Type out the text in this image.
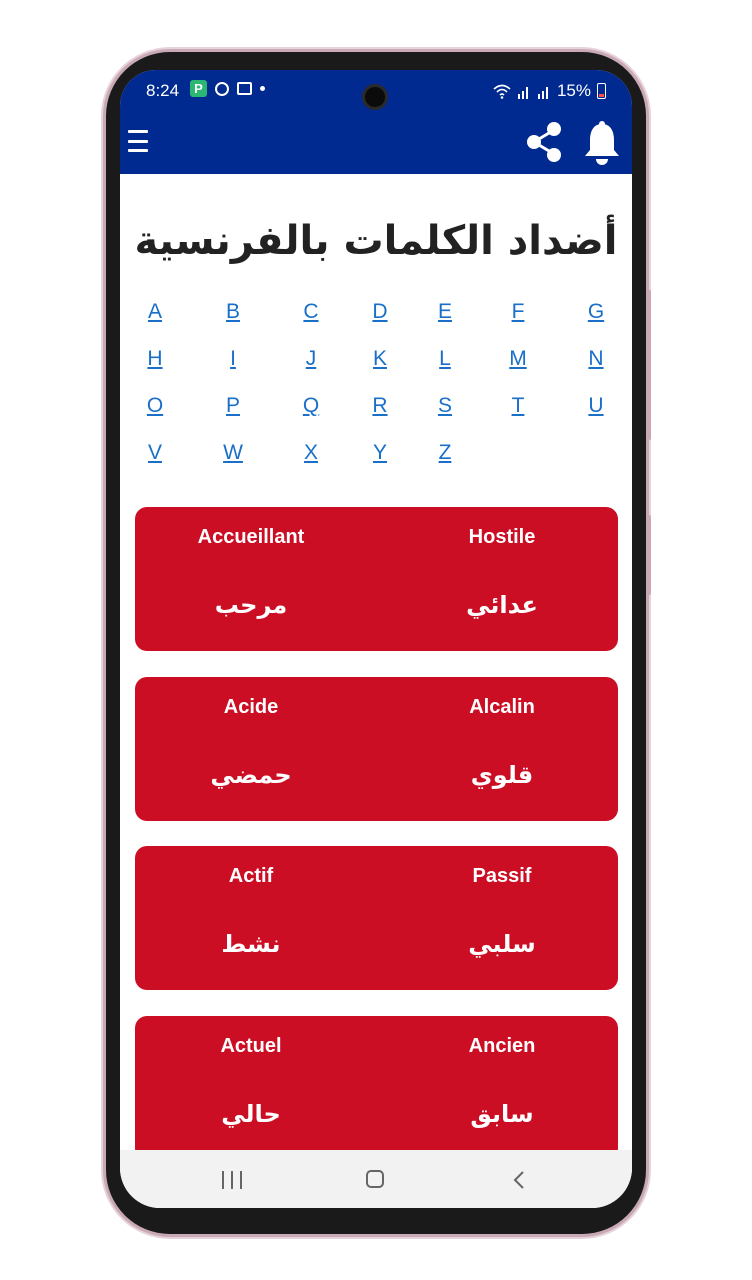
8:24	P	15%
أضداد الكلمات بالفرنسية
A	B	C	D	E	F	G
H	I	J	K	L	M	N
O	P	Q	R	S	T	U
V	W	X	Y	Z
Accueillant	Hostile
مرحب	عدائي
Acide	Alcalin
حمضي	قلوي
Actif	Passif
نشط	سلبي
Actuel	Ancien
حالي	سابق
